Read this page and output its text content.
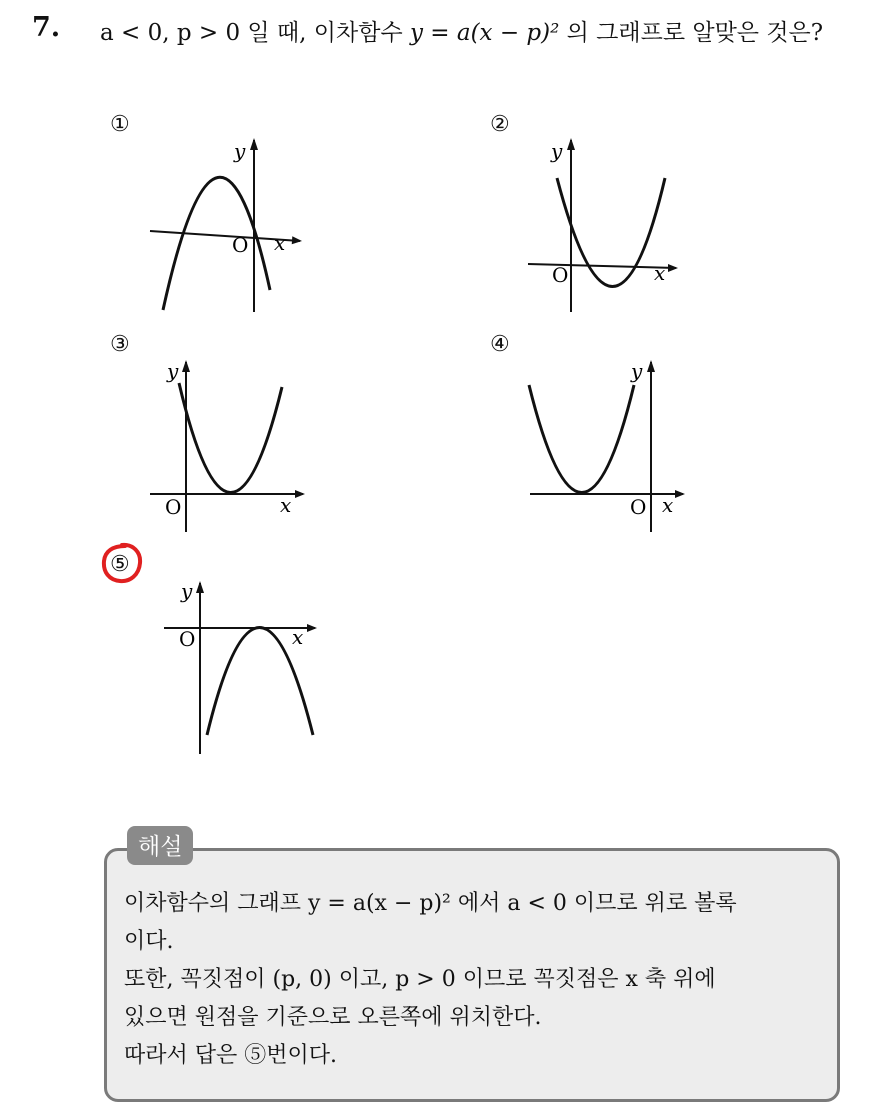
7. a < 0, p > 0 일 때, 이차함수 y = a(x − p)² 의 그래프로 알맞은 것은?
①
y
x
O
②
y
x
O
③
y
x
O
④
y
x
O
⑤
y
x
O
해설
이차함수의 그래프 y = a(x − p)² 에서 a < 0 이므로 위로 볼록
이다.
또한, 꼭짓점이 (p, 0) 이고, p > 0 이므로 꼭짓점은 x 축 위에
있으면 원점을 기준으로 오른쪽에 위치한다.
따라서 답은 ⑤번이다.
